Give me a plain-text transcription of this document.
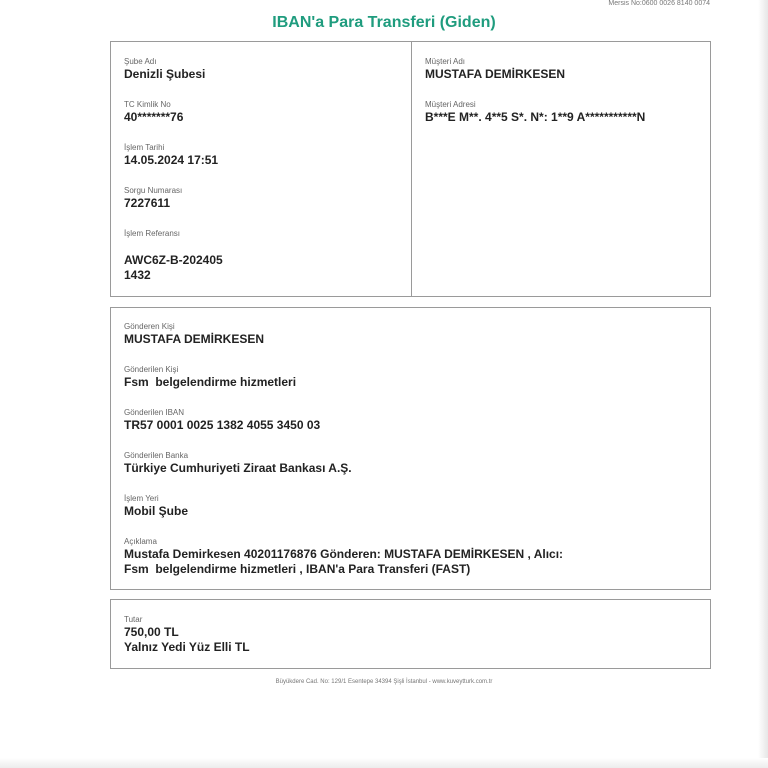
Mersis No:0600 0026 8140 0074
IBAN'a Para Transferi (Giden)
Şube Adı
Denizli Şubesi
TC Kimlik No
40*******76
İşlem Tarihi
14.05.2024 17:51
Sorgu Numarası
7227611
İşlem Referansı
AWC6Z-B-202405
1432
Müşteri Adı
MUSTAFA DEMİRKESEN
Müşteri Adresi
B***E M**. 4**5 S*. N*: 1**9 A***********N
Gönderen Kişi
MUSTAFA DEMİRKESEN
Gönderilen Kişi
Fsm  belgelendirme hizmetleri
Gönderilen IBAN
TR57 0001 0025 1382 4055 3450 03
Gönderilen Banka
Türkiye Cumhuriyeti Ziraat Bankası A.Ş.
İşlem Yeri
Mobil Şube
Açıklama
Mustafa Demirkesen 40201176876 Gönderen: MUSTAFA DEMİRKESEN , Alıcı:
Fsm  belgelendirme hizmetleri , IBAN'a Para Transferi (FAST)
Tutar
750,00 TL
Yalnız Yedi Yüz Elli TL
Büyükdere Cad. No: 129/1 Esentepe 34394 Şişli İstanbul - www.kuveytturk.com.tr
